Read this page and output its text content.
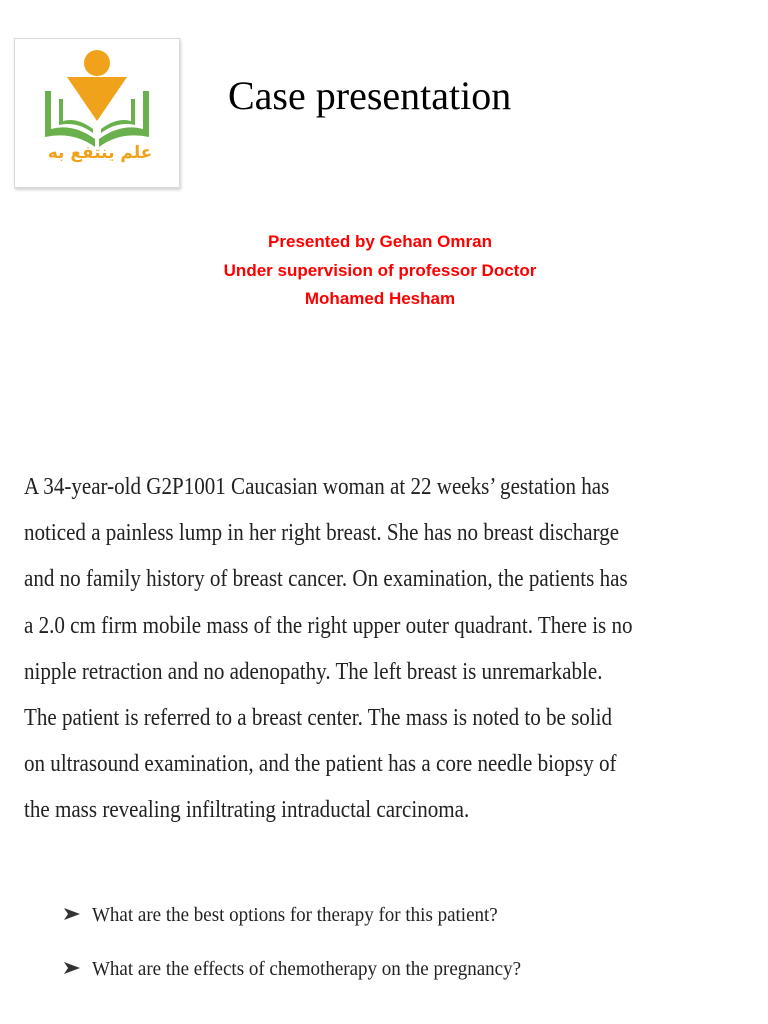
علم ينتفع به
Case presentation
Presented by Gehan Omran
Under supervision of professor Doctor
Mohamed Hesham
A 34-year-old G2P1001 Caucasian woman at 22 weeks’ gestation has
noticed a painless lump in her right breast. She has no breast discharge
and no family history of breast cancer. On examination, the patients has
a 2.0 cm firm mobile mass of the right upper outer quadrant. There is no
nipple retraction and no adenopathy. The left breast is unremarkable.
The patient is referred to a breast center. The mass is noted to be solid
on ultrasound examination, and the patient has a core needle biopsy of
the mass revealing infiltrating intraductal carcinoma.
What are the best options for therapy for this patient?
What are the effects of chemotherapy on the pregnancy?
